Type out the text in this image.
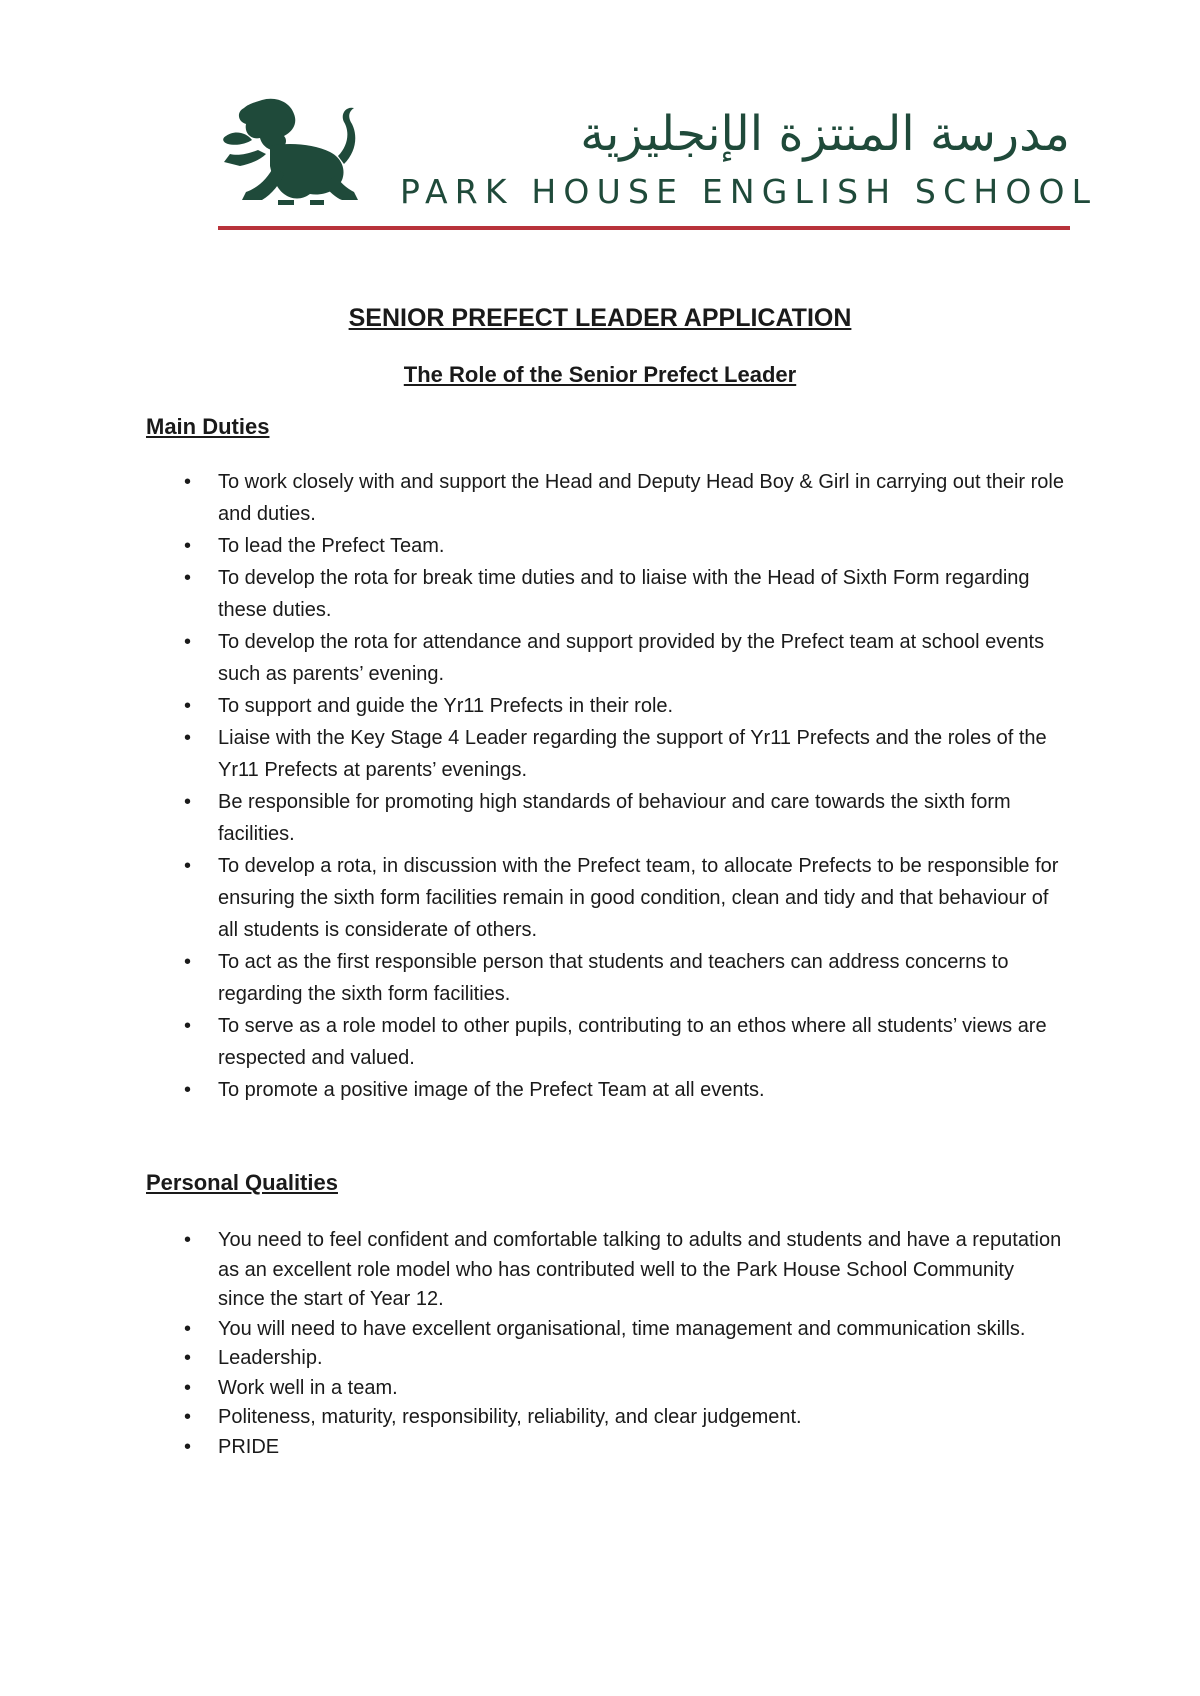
مدرسة المنتزة الإنجليزية
PARK HOUSE ENGLISH SCHOOL
SENIOR PREFECT LEADER APPLICATION
The Role of the Senior Prefect Leader
Main Duties
• To work closely with and support the Head and Deputy Head Boy & Girl in carrying out their role and duties.
• To lead the Prefect Team.
• To develop the rota for break time duties and to liaise with the Head of Sixth Form regarding these duties.
• To develop the rota for attendance and support provided by the Prefect team at school events such as parents’ evening.
• To support and guide the Yr11 Prefects in their role.
• Liaise with the Key Stage 4 Leader regarding the support of Yr11 Prefects and the roles of the Yr11 Prefects at parents’ evenings.
• Be responsible for promoting high standards of behaviour and care towards the sixth form facilities.
• To develop a rota, in discussion with the Prefect team, to allocate Prefects to be responsible for ensuring the sixth form facilities remain in good condition, clean and tidy and that behaviour of all students is considerate of others.
• To act as the first responsible person that students and teachers can address concerns to regarding the sixth form facilities.
• To serve as a role model to other pupils, contributing to an ethos where all students’ views are respected and valued.
• To promote a positive image of the Prefect Team at all events.
Personal Qualities
• You need to feel confident and comfortable talking to adults and students and have a reputation as an excellent role model who has contributed well to the Park House School Community since the start of Year 12.
• You will need to have excellent organisational, time management and communication skills.
• Leadership.
• Work well in a team.
• Politeness, maturity, responsibility, reliability, and clear judgement.
• PRIDE
